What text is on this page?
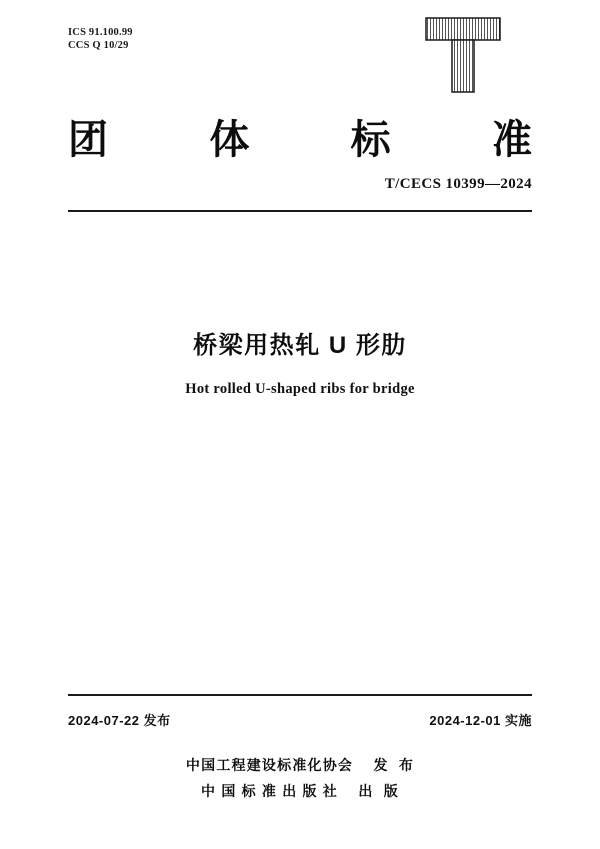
ICS 91.100.99
CCS Q 10/29
团	体	标	准
T/CECS 10399—2024
桥梁用热轧 U 形肋
Hot rolled U-shaped ribs for bridge
2024-07-22 发布	2024-12-01 实施
中国工程建设标准化协会    发  布
中 国 标 准 出 版 社    出  版
